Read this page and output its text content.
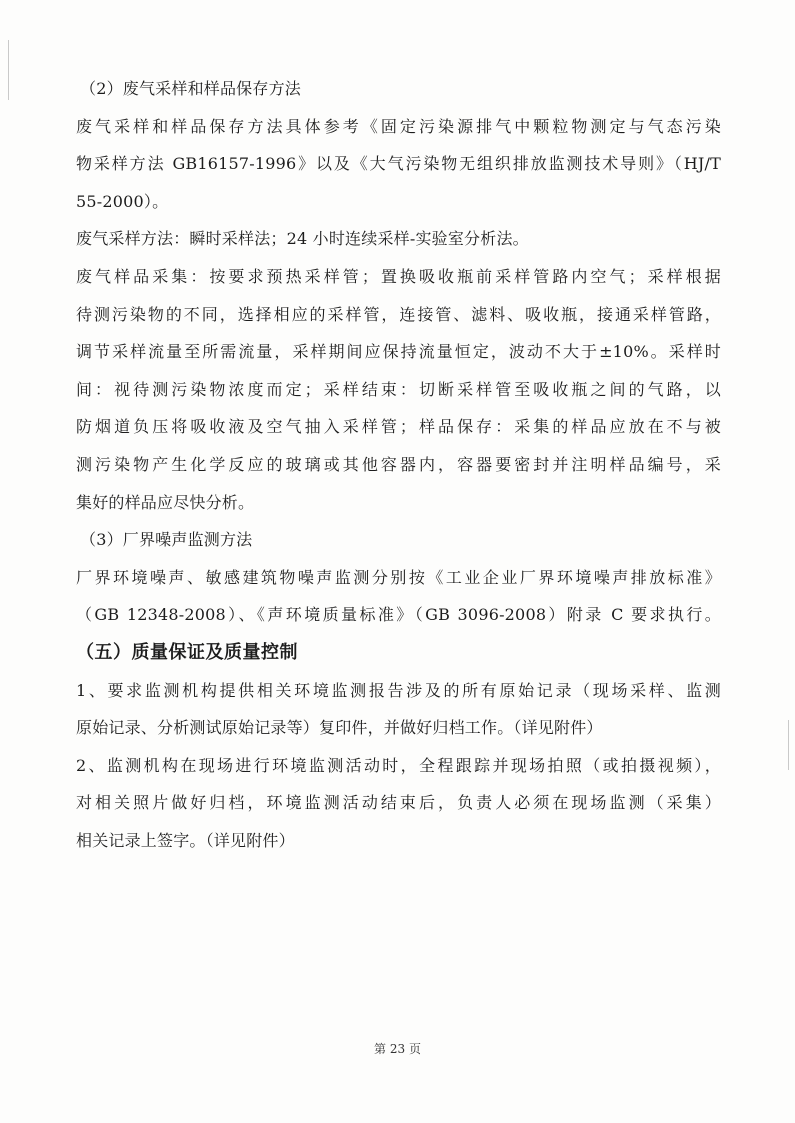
（2）废气采样和样品保存方法
废气采样和样品保存方法具体参考《固定污染源排气中颗粒物测定与气态污染
物采样方法 GB16157-1996》以及《大气污染物无组织排放监测技术导则》（HJ/T
55-2000）。
废气采样方法：瞬时采样法；24 小时连续采样-实验室分析法。
废气样品采集：按要求预热采样管；置换吸收瓶前采样管路内空气；采样根据
待测污染物的不同，选择相应的采样管，连接管、滤料、吸收瓶，接通采样管路，
调节采样流量至所需流量，采样期间应保持流量恒定，波动不大于±10%。采样时
间：视待测污染物浓度而定；采样结束：切断采样管至吸收瓶之间的气路，以
防烟道负压将吸收液及空气抽入采样管；样品保存：采集的样品应放在不与被
测污染物产生化学反应的玻璃或其他容器内，容器要密封并注明样品编号，采
集好的样品应尽快分析。
（3）厂界噪声监测方法
厂界环境噪声、敏感建筑物噪声监测分别按《工业企业厂界环境噪声排放标准》
（GB 12348-2008）、《声环境质量标准》（GB 3096-2008）附录 C 要求执行。
（五）质量保证及质量控制
1、要求监测机构提供相关环境监测报告涉及的所有原始记录（现场采样、监测
原始记录、分析测试原始记录等）复印件，并做好归档工作。（详见附件）
2、监测机构在现场进行环境监测活动时，全程跟踪并现场拍照（或拍摄视频），
对相关照片做好归档，环境监测活动结束后，负责人必须在现场监测（采集）
相关记录上签字。（详见附件）
第 23 页
